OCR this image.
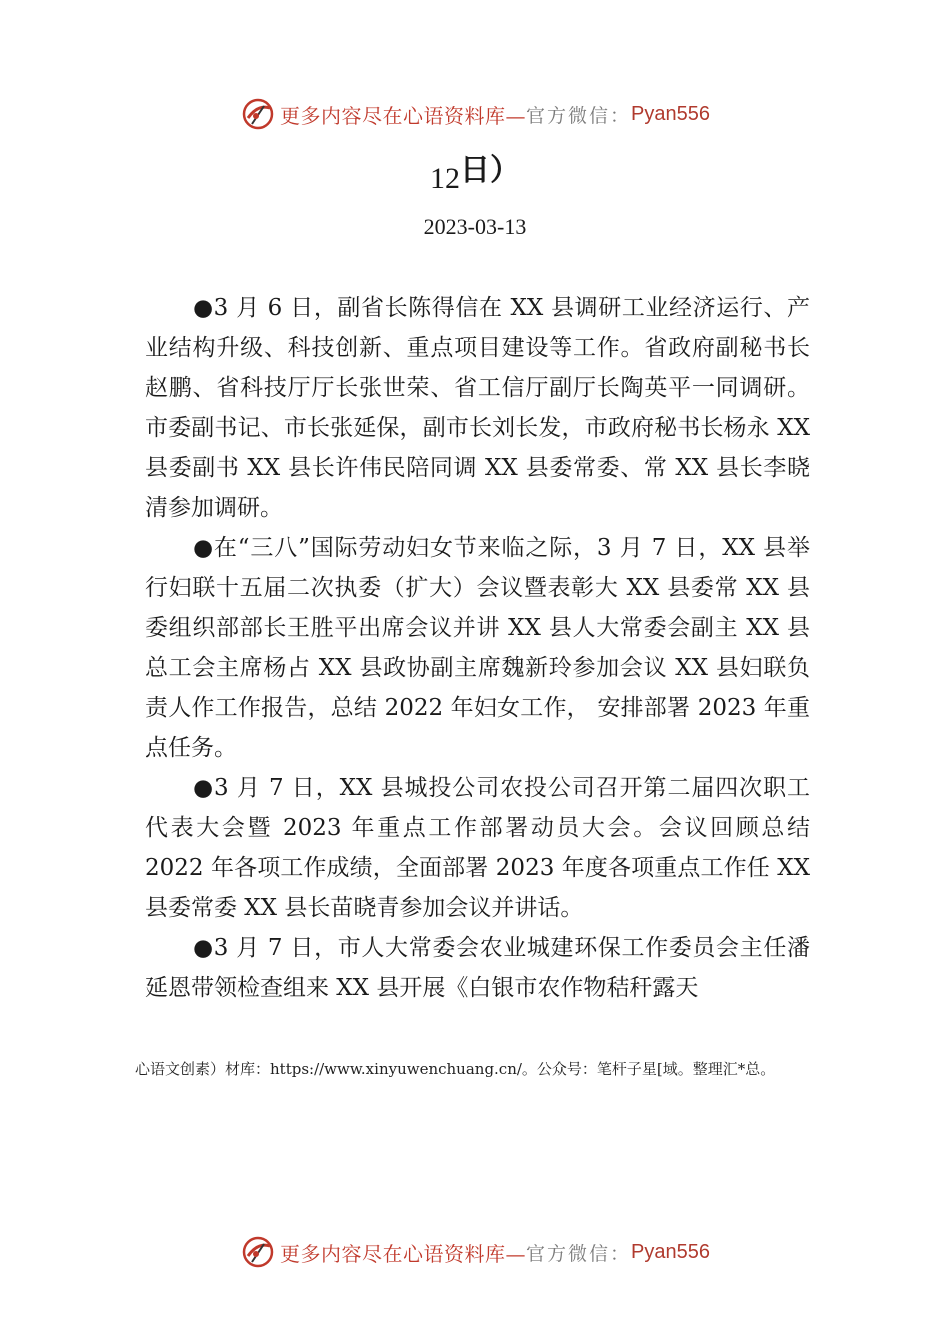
更多内容尽在心语资料库— 官方微信： Pyan556
12日）
2023-03-13

●3 月 6 日，副省长陈得信在 XX 县调研工业经济运行、产业结构升级、科技创新、重点项目建设等工作。省政府副秘书长赵鹏、省科技厅厅长张世荣、省工信厅副厅长陶英平一同调研。市委副书记、市长张延保，副市长刘长发，市政府秘书长杨永 XX 县委副书 XX 县长许伟民陪同调 XX 县委常委、常 XX 县长李晓清参加调研。

●在“三八”国际劳动妇女节来临之际，3 月 7 日，XX 县举行妇联十五届二次执委（扩大）会议暨表彰大 XX 县委常 XX 县委组织部部长王胜平出席会议并讲 XX 县人大常委会副主 XX 县总工会主席杨占 XX 县政协副主席魏新玲参加会议 XX 县妇联负责人作工作报告，总结 2022 年妇女工作， 安排部署 2023 年重点任务。

●3 月 7 日，XX 县城投公司农投公司召开第二届四次职工代表大会暨 2023 年重点工作部署动员大会。会议回顾总结 2022 年各项工作成绩，全面部署 2023 年度各项重点工作任 XX 县委常委 XX 县长苗晓青参加会议并讲话。

●3 月 7 日，市人大常委会农业城建环保工作委员会主任潘延恩带领检查组来 XX 县开展《白银市农作物秸秆露天

心语文创素）材库：https://www.xinyuwenchuang.cn/。公众号：笔杆子星[域。整理汇*总。
更多内容尽在心语资料库— 官方微信： Pyan556
